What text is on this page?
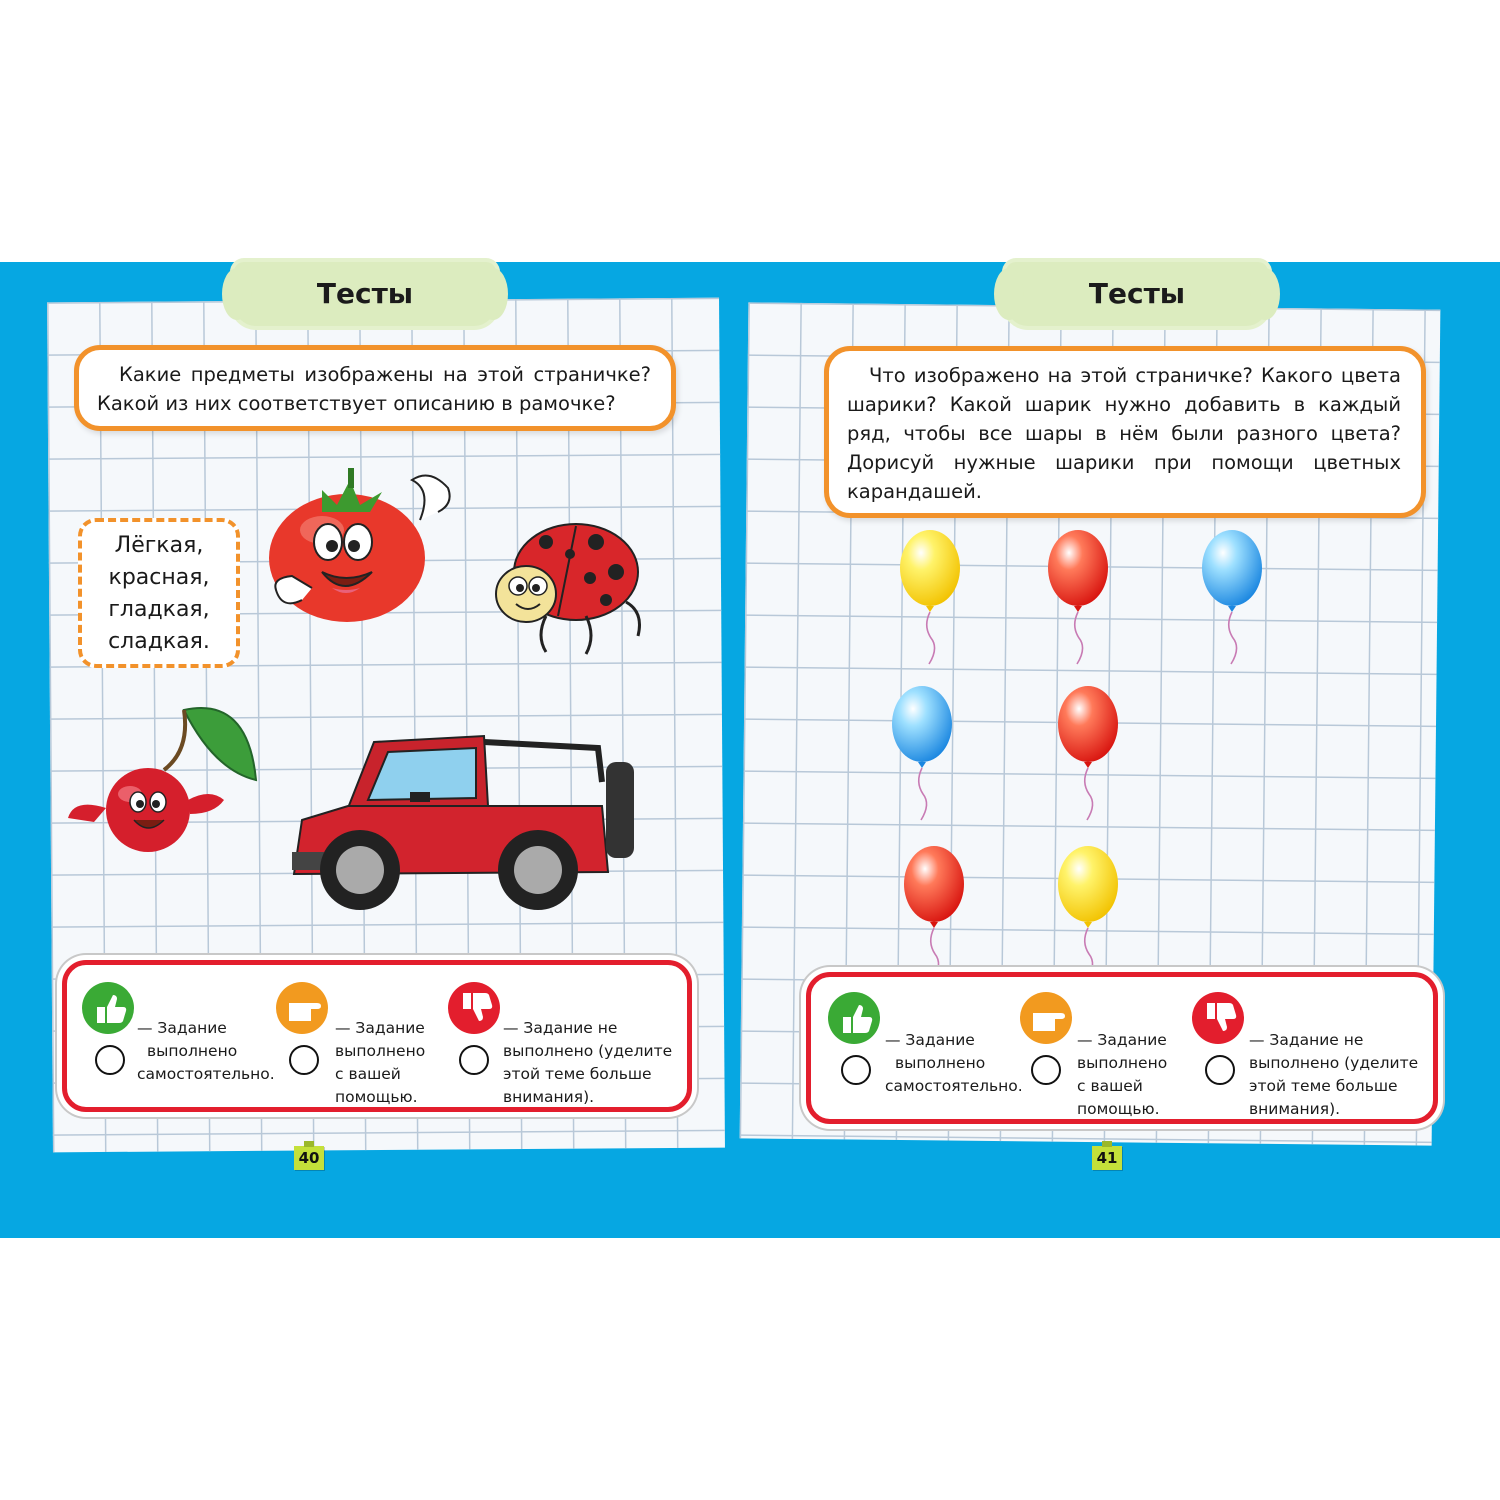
Тесты

Какие предметы изображены на этой страничке? Какой из них соответствует описанию в рамочке?

Лёгкая,
красная,
гладкая,
сладкая.
— Задание
выполнено
самостоятельно.
— Задание
выполнено
с вашей
помощью.
— Задание не
выполнено (уделите
этой теме больше
внимания).
40
Тесты

Что изображено на этой страничке? Какого цвета шарики? Какой шарик нужно добавить в каждый ряд, чтобы все шары в нём были разного цвета? Дорисуй нужные шарики при помощи цветных карандашей.

— Задание
выполнено
самостоятельно.
— Задание
выполнено
с вашей
помощью.
— Задание не
выполнено (уделите
этой теме больше
внимания).
41
